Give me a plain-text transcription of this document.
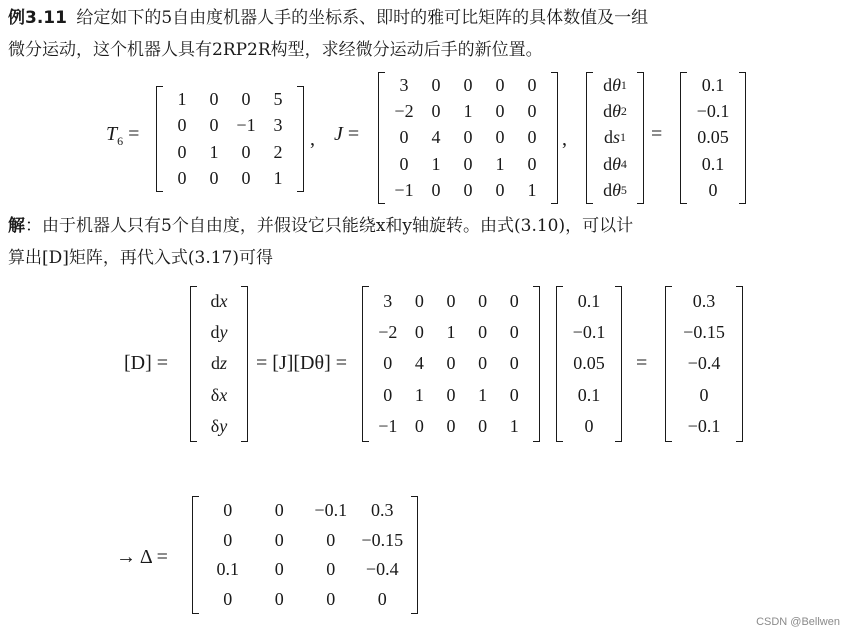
例3.11 给定如下的5自由度机器人手的坐标系、即时的雅可比矩阵的具体数值及一组
微分运动，这个机器人具有2RP2R构型，求经微分运动后手的新位置。
$T_6$ =
1	0	0	5
0	0 −1 3
0	1	0	2
0	0	0	1
, J =
3	0	0	0	0
−2 0	1	0	0
0	4	0	0	0
0	1	0	1	0
−1 0	0	0	1
,
d θ 1
d θ 2
d s 1
d θ 4
d θ 5
=
0.1
−0.1
0.05
0.1
0
解：由于机器人只有5个自由度，并假设它只能绕x和y轴旋转。由式(3.10)，可以计
算出[D]矩阵，再代入式(3.17)可得
[D] =
d x
d y
d z
δ x
δ y
= [J][Dθ] =
3	0	0	0	0
−2 0	1	0	0
0	4	0	0	0
0	1	0	1	0
−1 0	0	0	1
0.1
−0.1
0.05
0.1
0
=
0.3
−0.15
−0.4
0
−0.1
→ Δ =
0	0	−0.1	0.3
0	0	0	−0.15
0.1	0	0	−0.4
0	0	0	0
CSDN @Bellwen
